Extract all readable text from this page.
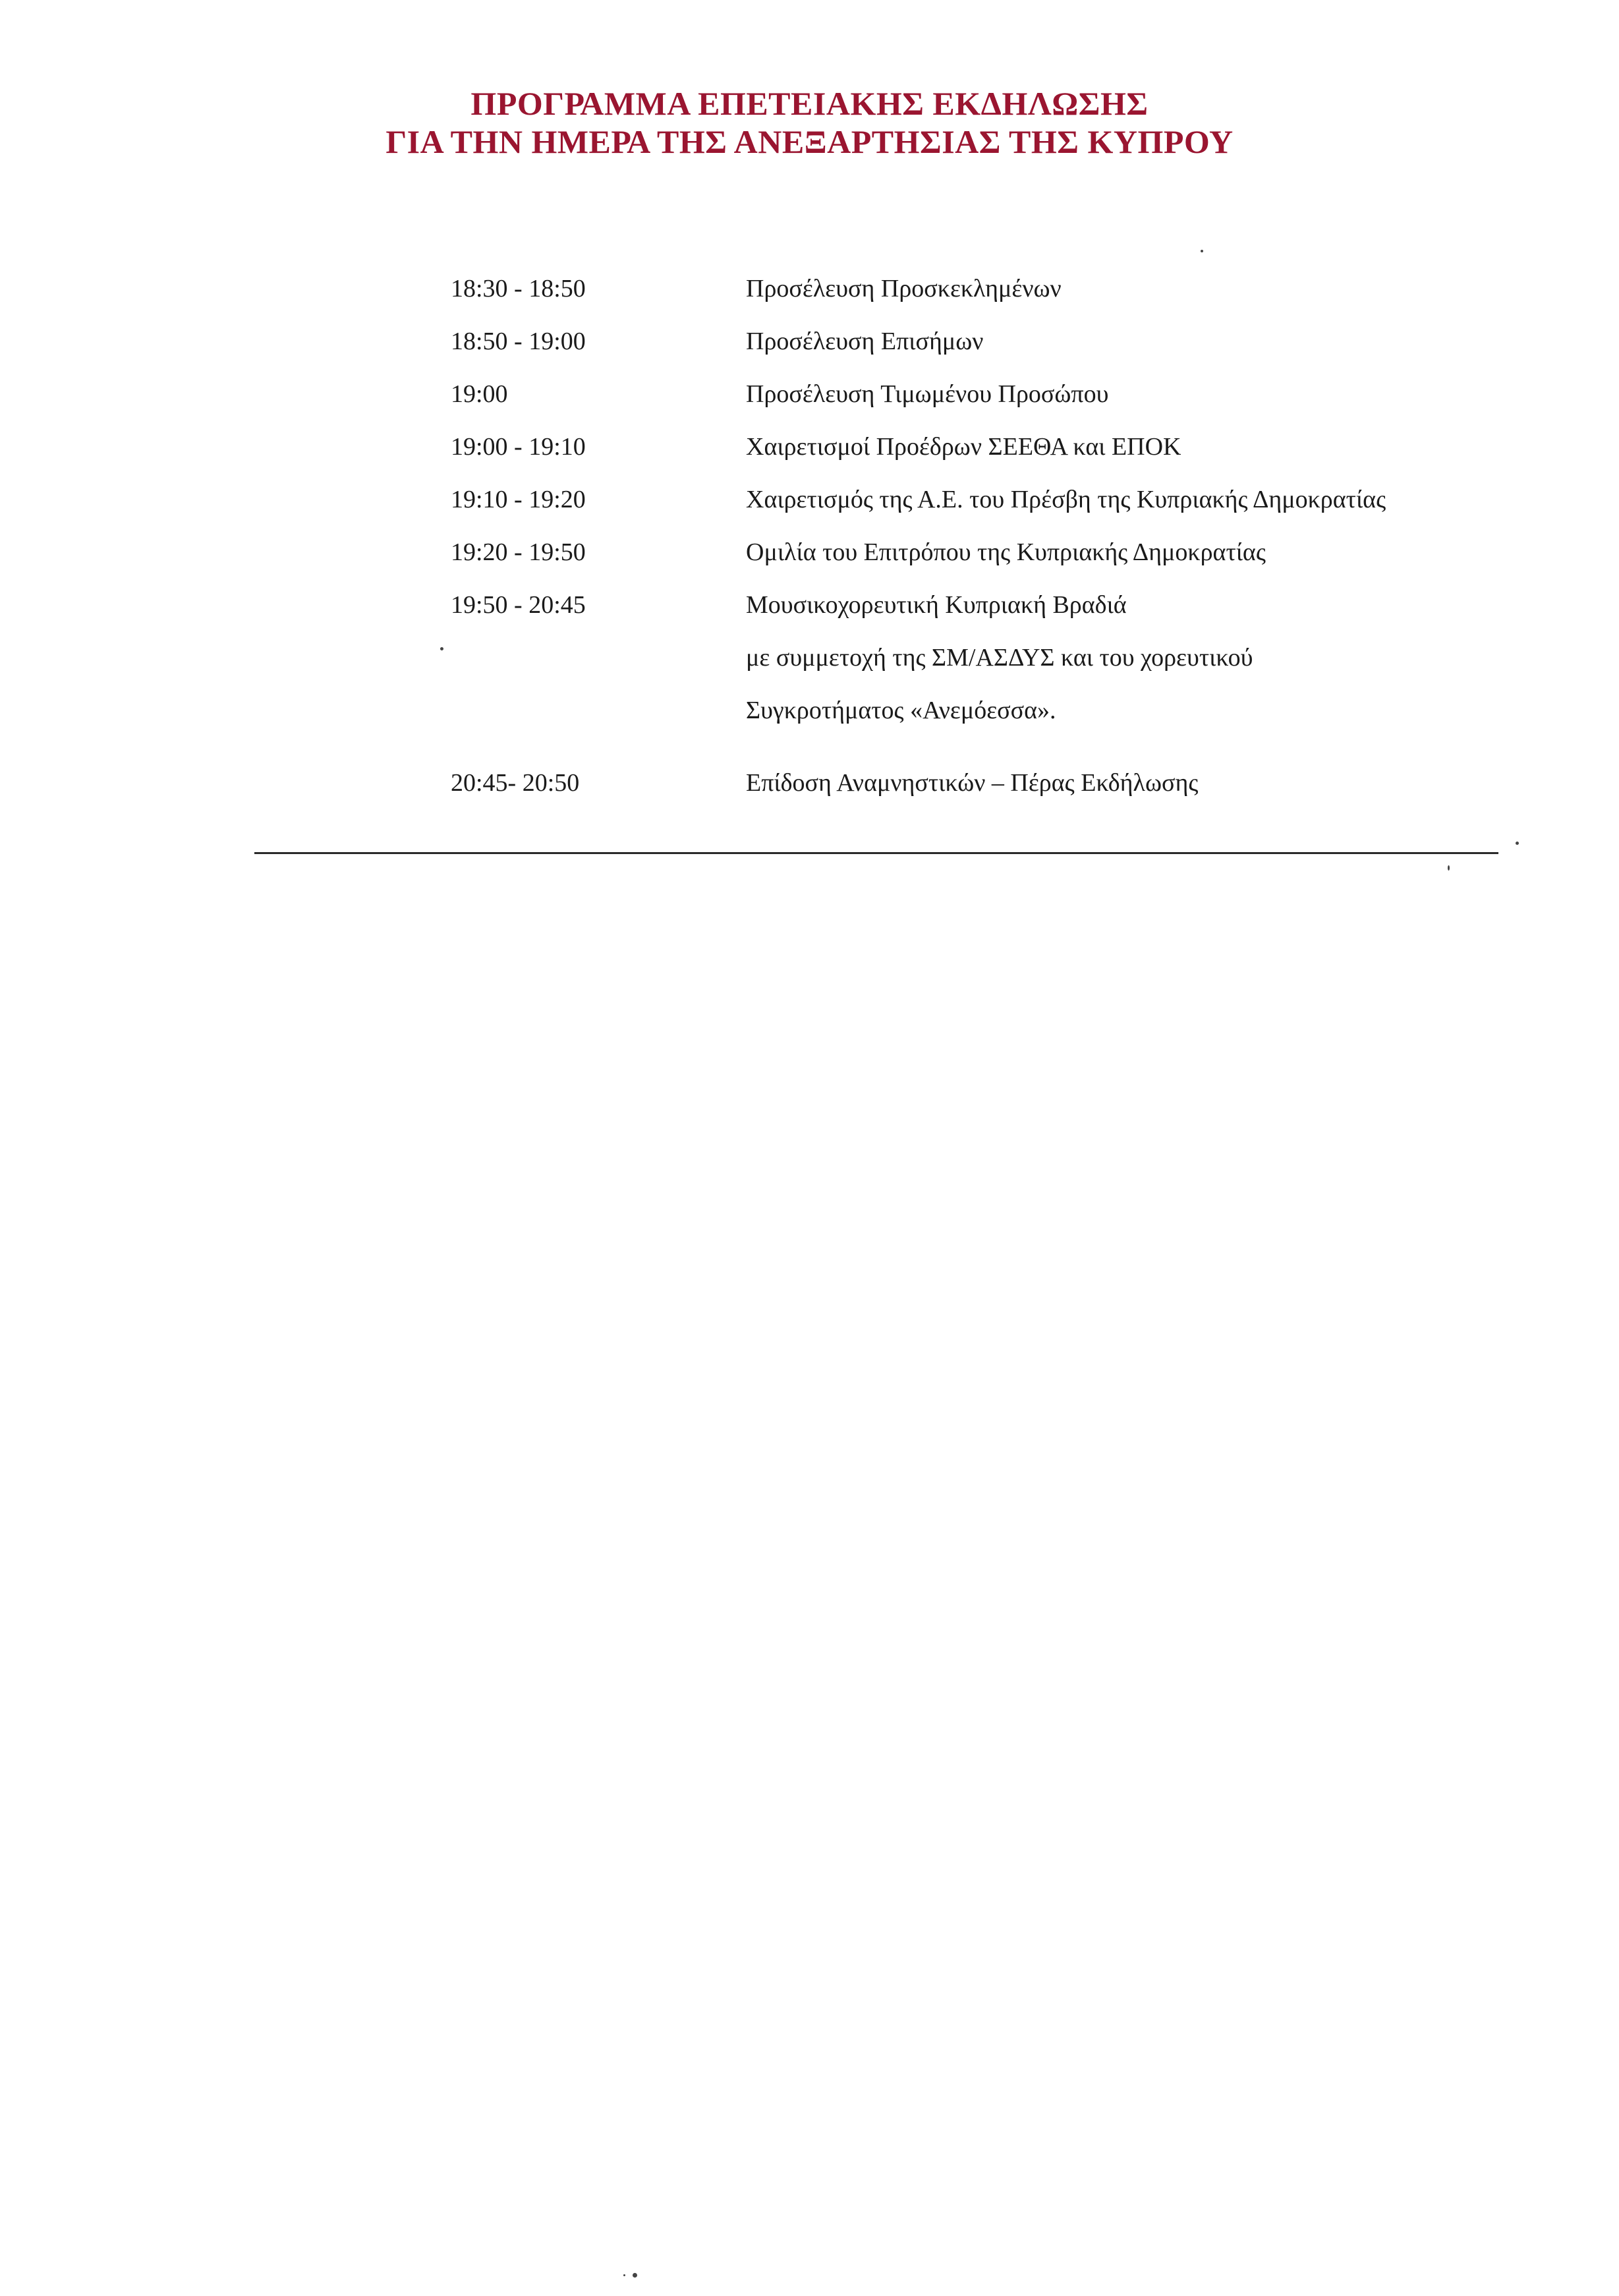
ΠΡΟΓΡΑΜΜΑ ΕΠΕΤΕΙΑΚΗΣ ΕΚΔΗΛΩΣΗΣ
ΓΙΑ ΤΗΝ ΗΜΕΡΑ ΤΗΣ ΑΝΕΞΑΡΤΗΣΙΑΣ ΤΗΣ ΚΥΠΡΟΥ
18:30 - 18:50	Προσέλευση Προσκεκλημένων
18:50 - 19:00	Προσέλευση Επισήμων
19:00	Προσέλευση Τιμωμένου Προσώπου
19:00 - 19:10	Χαιρετισμοί Προέδρων ΣΕΕΘΑ και ΕΠΟΚ
19:10 - 19:20	Χαιρετισμός της Α.Ε. του Πρέσβη της Κυπριακής Δημοκρατίας
19:20 - 19:50	Ομιλία του Επιτρόπου της Κυπριακής Δημοκρατίας
19:50 - 20:45	Μουσικοχορευτική Κυπριακή Βραδιά
με συμμετοχή της ΣΜ/ΑΣΔΥΣ και του χορευτικού
Συγκροτήματος «Ανεμόεσσα».
20:45- 20:50	Επίδοση Αναμνηστικών – Πέρας Εκδήλωσης
